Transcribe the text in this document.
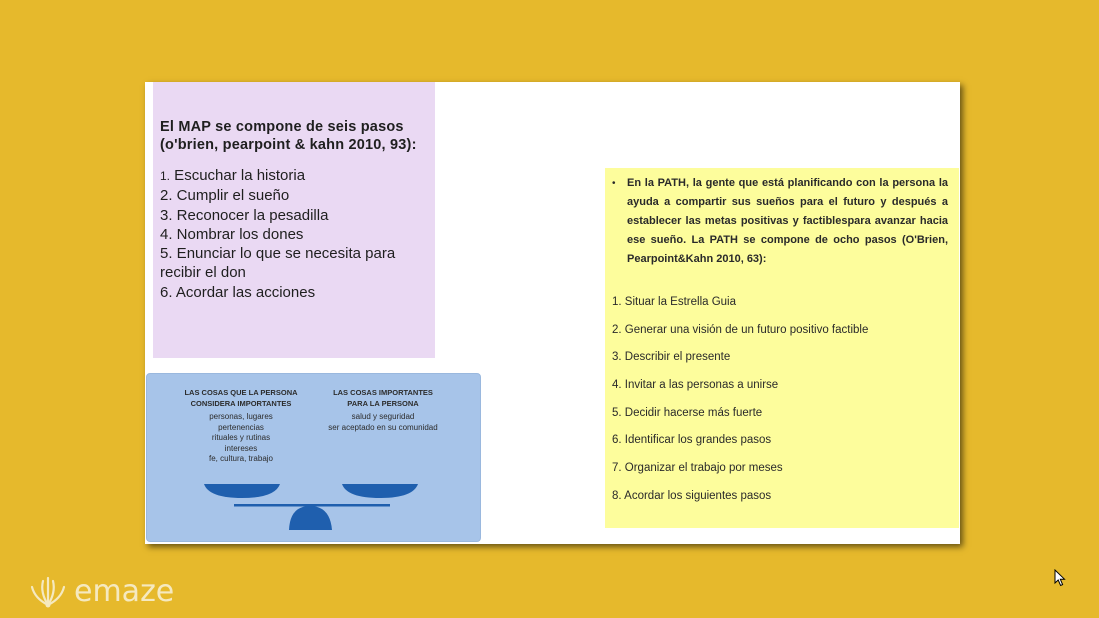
El MAP se compone de seis pasos (o'brien, pearpoint & kahn 2010, 93):

1. Escuchar la historia
2. Cumplir el sueño
3. Reconocer la pesadilla
4. Nombrar los dones
5. Enunciar lo que se necesita para recibir el don
6. Acordar las acciones
LAS COSAS QUE LA PERSONA CONSIDERA IMPORTANTES
personas, lugares
pertenencias
rituales y rutinas
intereses
fe, cultura, trabajo
LAS COSAS IMPORTANTES PARA LA PERSONA
salud y seguridad
ser aceptado en su comunidad
•	En la PATH, la gente que está planificando con la persona la ayuda a compartir sus sueños para el futuro y después a establecer las metas positivas y factiblespara avanzar hacia ese sueño. La PATH se compone de ocho pasos (O'Brien, Pearpoint&Kahn 2010, 63):
1. Situar la Estrella Guia
2. Generar una visión de un futuro positivo factible
3. Describir el presente
4. Invitar a las personas a unirse
5. Decidir hacerse más fuerte
6. Identificar los grandes pasos
7. Organizar el trabajo por meses
8. Acordar los siguientes pasos
emaze
